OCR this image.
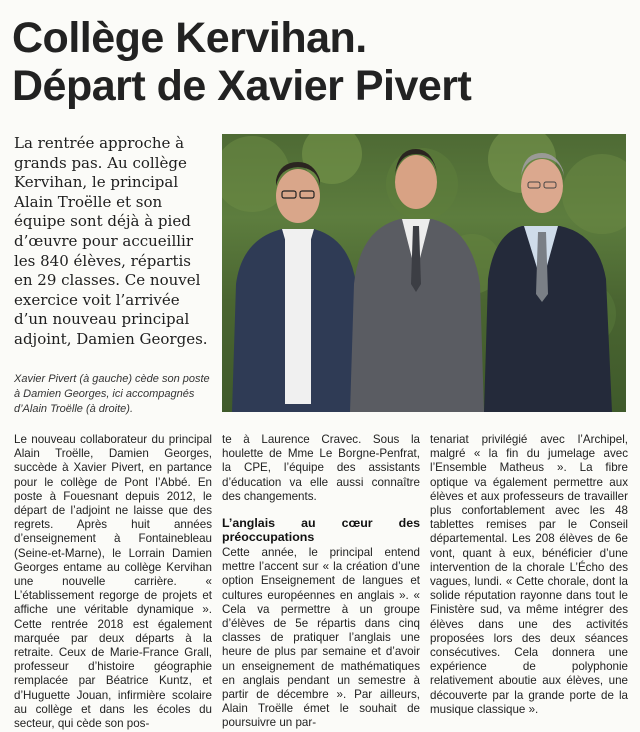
Collège Kervihan.
Départ de Xavier Pivert
La rentrée approche à grands pas. Au collège Kervihan, le principal Alain Troëlle et son équipe sont déjà à pied d’œuvre pour accueillir les 840 élèves, répartis en 29 classes. Ce nouvel exercice voit l’arrivée d’un nouveau principal adjoint, Damien Georges.
Xavier Pivert (à gauche) cède son poste à Damien Georges, ici accompagnés d’Alain Troëlle (à droite).

Le nouveau collaborateur du principal Alain Troëlle, Damien Georges, succède à Xavier Pivert, en partance pour le collège de Pont l’Abbé. En poste à Fouesnant depuis 2012, le départ de l’adjoint ne laisse que des regrets. Après huit années d’enseignement à Fontainebleau (Seine-et-Marne), le Lorrain Damien Georges entame au collège Kervihan une nouvelle carrière. « L’établissement regorge de projets et affiche une véritable dynamique ». Cette rentrée 2018 est également marquée par deux départs à la retraite. Ceux de Marie-France Grall, professeur d’histoire géographie remplacée par Béatrice Kuntz, et d’Huguette Jouan, infirmière scolaire au collège et dans les écoles du secteur, qui cède son pos-

te à Laurence Cravec. Sous la houlette de Mme Le Borgne-Penfrat, la CPE, l’équipe des assistants d’éducation va elle aussi connaître des changements.

L’anglais au cœur des préoccupations

Cette année, le principal entend mettre l’accent sur « la création d’une option Enseignement de langues et cultures européennes en anglais ». « Cela va permettre à un groupe d’élèves de 5e répartis dans cinq classes de pratiquer l’anglais une heure de plus par semaine et d’avoir un enseignement de mathématiques en anglais pendant un semestre à partir de décembre ». Par ailleurs, Alain Troëlle émet le souhait de poursuivre un par-

tenariat privilégié avec l’Archipel, malgré « la fin du jumelage avec l’Ensemble Matheus ». La fibre optique va également permettre aux élèves et aux professeurs de travailler plus confortablement avec les 48 tablettes remises par le Conseil départemental. Les 208 élèves de 6e vont, quant à eux, bénéficier d’une intervention de la chorale L’Écho des vagues, lundi. « Cette chorale, dont la solide réputation rayonne dans tout le Finistère sud, va même intégrer des élèves dans une des activités proposées lors des deux séances consécutives. Cela donnera une expérience de polyphonie relativement aboutie aux élèves, une découverte par la grande porte de la musique classique ».
